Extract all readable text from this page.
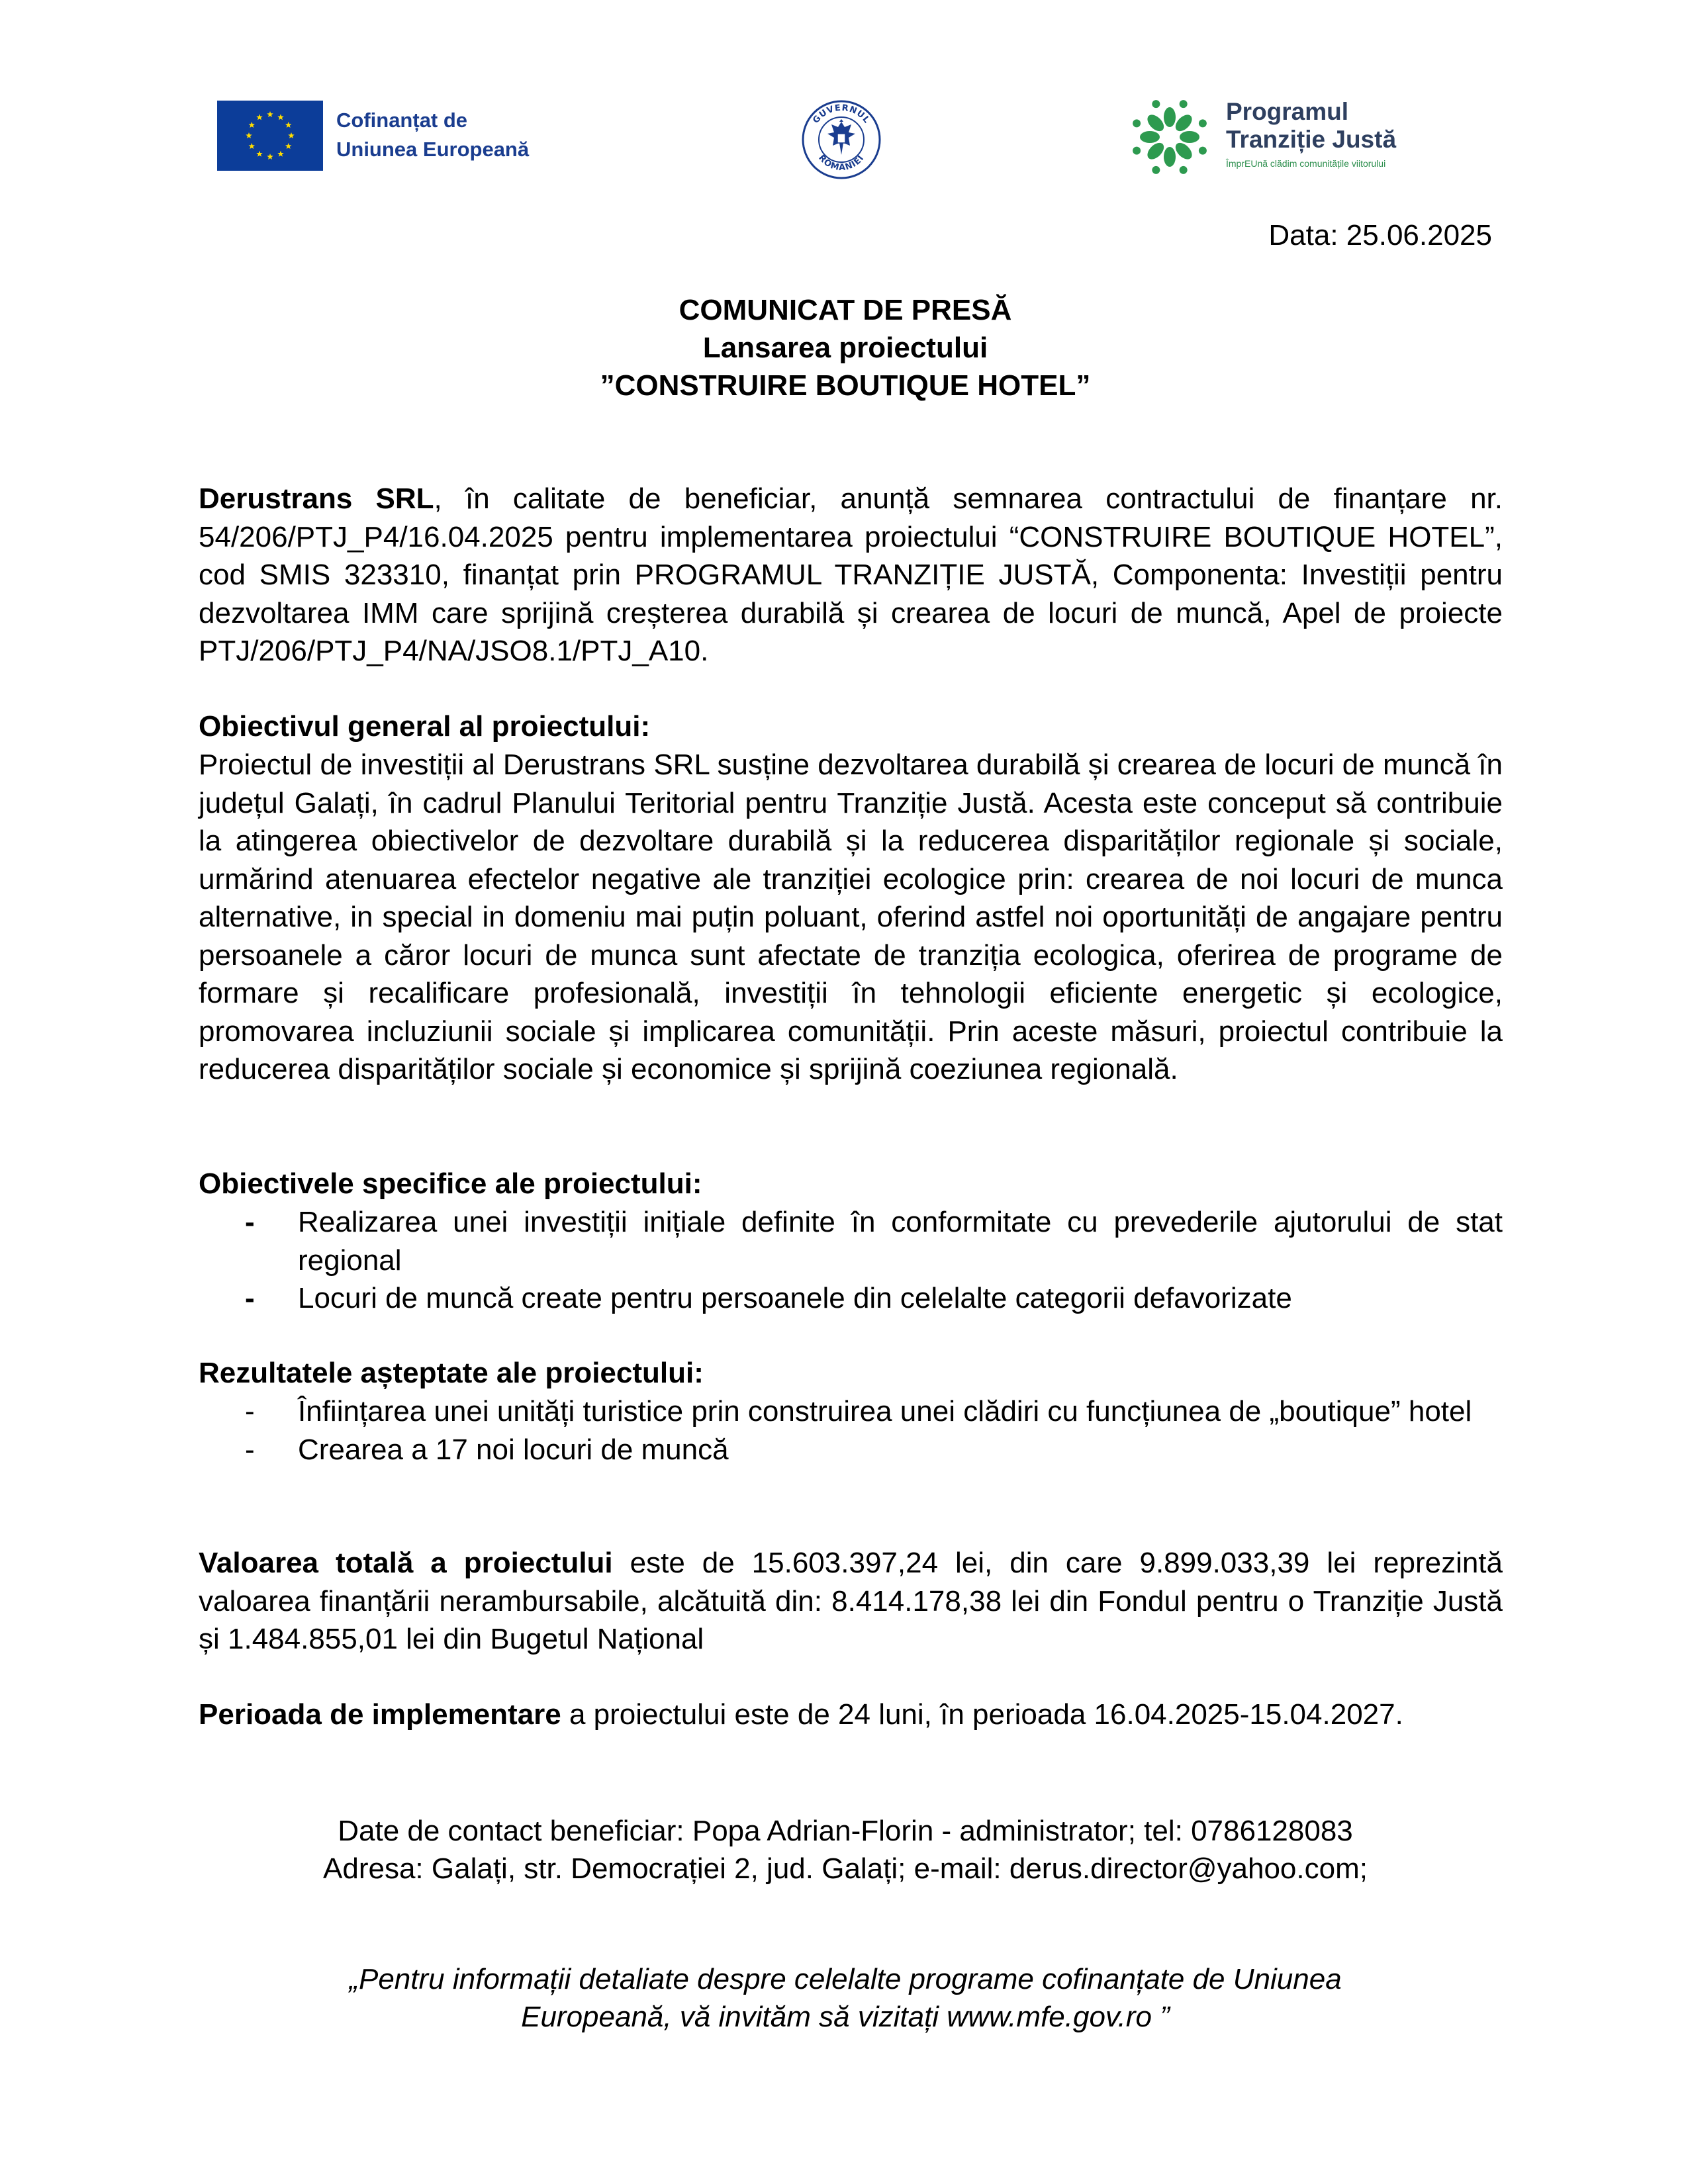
Cofinanțat de
Uniunea Europeană
GUVERNUL
ROMÂNIEI
Programul
Tranziție Justă
ÎmprEUnă clădim comunitățile viitorului
Data: 25.06.2025
COMUNICAT DE PRESĂ
Lansarea proiectului
”CONSTRUIRE BOUTIQUE HOTEL”
Derustrans SRL, în calitate de beneficiar, anunță semnarea contractului de finanțare nr. 54/206/PTJ_P4/16.04.2025 pentru implementarea proiectului “CONSTRUIRE BOUTIQUE HOTEL”, cod SMIS 323310, finanțat prin PROGRAMUL TRANZIȚIE JUSTĂ, Componenta: Investiții pentru dezvoltarea IMM care sprijină creșterea durabilă și crearea de locuri de muncă, Apel de proiecte PTJ/206/PTJ_P4/NA/JSO8.1/PTJ_A10.
Obiectivul general al proiectului:
Proiectul de investiții al Derustrans SRL susține dezvoltarea durabilă și crearea de locuri de muncă în județul Galați, în cadrul Planului Teritorial pentru Tranziție Justă. Acesta este conceput să contribuie la atingerea obiectivelor de dezvoltare durabilă și la reducerea disparităților regionale și sociale, urmărind atenuarea efectelor negative ale tranziției ecologice prin: crearea de noi locuri de munca alternative, in special in domeniu mai puțin poluant, oferind astfel noi oportunități de angajare pentru persoanele a căror locuri de munca sunt afectate de tranziția ecologica, oferirea de programe de formare și recalificare profesională, investiții în tehnologii eficiente energetic și ecologice, promovarea incluziunii sociale și implicarea comunității. Prin aceste măsuri, proiectul contribuie la reducerea disparităților sociale și economice și sprijină coeziunea regională.
Obiectivele specifice ale proiectului:
- Realizarea unei investiții inițiale definite în conformitate cu prevederile ajutorului de stat regional
- Locuri de muncă create pentru persoanele din celelalte categorii defavorizate
Rezultatele așteptate ale proiectului:
- Înființarea unei unități turistice prin construirea unei clădiri cu funcțiunea de „boutique” hotel
- Crearea a 17 noi locuri de muncă
Valoarea totală a proiectului este de 15.603.397,24 lei, din care 9.899.033,39 lei reprezintă valoarea finanțării nerambursabile, alcătuită din: 8.414.178,38 lei din Fondul pentru o Tranziție Justă și 1.484.855,01 lei din Bugetul Național
Perioada de implementare a proiectului este de 24 luni, în perioada 16.04.2025-15.04.2027.
Date de contact beneficiar: Popa Adrian-Florin - administrator; tel: 0786128083
Adresa: Galați, str. Democrației 2, jud. Galați; e-mail: derus.director@yahoo.com;
„Pentru informații detaliate despre celelalte programe cofinanțate de Uniunea
Europeană, vă invităm să vizitați www.mfe.gov.ro ”
